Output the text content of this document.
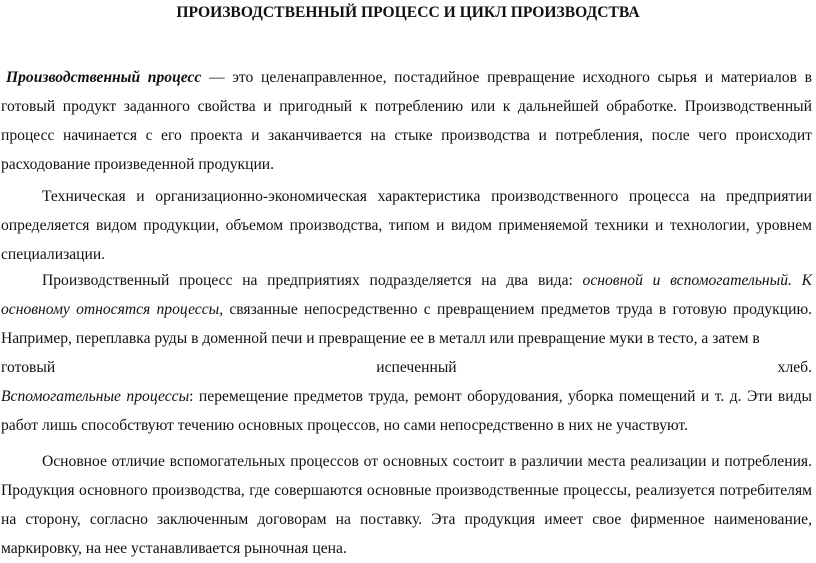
ПРОИЗВОДСТВЕННЫЙ ПРОЦЕСС И ЦИКЛ ПРОИЗВОДСТВА

Производственный процесс — это целенаправленное, постадийное превращение исходного сырья и материалов в готовый продукт заданного свойства и пригодный к потреблению или к дальнейшей обработке. Производственный процесс начинается с его проекта и заканчивается на стыке производства и потребления, после чего происходит расходование произведенной продукции.

Техническая и организационно-экономическая характеристика производственного процесса на предприятии определяется видом продукции, объемом производства, типом и видом применяемой техники и технологии, уровнем специализации.

Производственный процесс на предприятиях подразделяется на два вида: основной и вспомогательный. К основному относятся процессы, связанные непосредственно с превращением предметов труда в готовую продукцию. Например, переплавка руды в доменной печи и превращение ее в металл или превращение муки в тесто, а затем в
готовый	испеченный	хлеб.
Вспомогательные процессы: перемещение предметов труда, ремонт оборудования, уборка помещений и т. д. Эти виды работ лишь способствуют течению основных процессов, но сами непосредственно в них не участвуют.

Основное отличие вспомогательных процессов от основных состоит в различии места реализации и потребления. Продукция основного производства, где совершаются основные производственные процессы, реализуется потребителям на сторону, согласно заключенным договорам на поставку. Эта продукция имеет свое фирменное наименование, маркировку, на нее устанавливается рыночная цена.
